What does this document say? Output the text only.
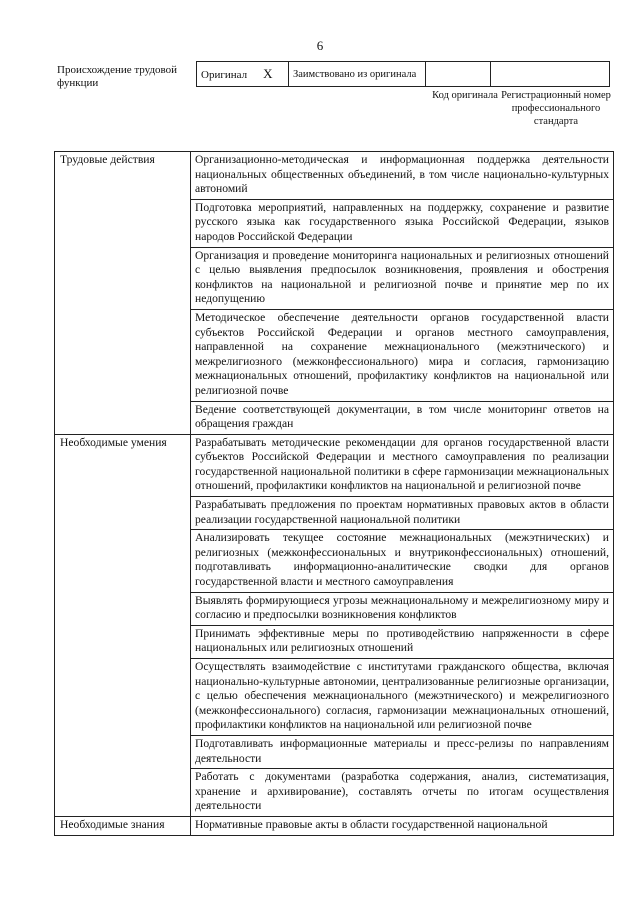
6
Происхождение трудовой функции
Оригинал X	Заимствовано из оригинала		
Код оригинала Регистрационный номер профессионального стандарта
Трудовые действия	Организационно-методическая и информационная поддержка деятельности национальных общественных объединений, в том числе национально-культурных автономий
	Подготовка мероприятий, направленных на поддержку, сохранение и развитие русского языка как государственного языка Российской Федерации, языков народов Российской Федерации
	Организация и проведение мониторинга национальных и религиозных отношений с целью выявления предпосылок возникновения, проявления и обострения конфликтов на национальной и религиозной почве и принятие мер по их недопущению
	Методическое обеспечение деятельности органов государственной власти субъектов Российской Федерации и органов местного самоуправления, направленной на сохранение межнационального (межэтнического) и межрелигиозного (межконфессионального) мира и согласия, гармонизацию межнациональных отношений, профилактику конфликтов на национальной или религиозной почве
	Ведение соответствующей документации, в том числе мониторинг ответов на обращения граждан
Необходимые умения	Разрабатывать методические рекомендации для органов государственной власти субъектов Российской Федерации и местного самоуправления по реализации государственной национальной политики в сфере гармонизации межнациональных отношений, профилактики конфликтов на национальной и религиозной почве
	Разрабатывать предложения по проектам нормативных правовых актов в области реализации государственной национальной политики
	Анализировать текущее состояние межнациональных (межэтнических) и религиозных (межконфессиональных и внутриконфессиональных) отношений, подготавливать информационно-аналитические сводки для органов государственной власти и местного самоуправления
	Выявлять формирующиеся угрозы межнациональному и межрелигиозному миру и согласию и предпосылки возникновения конфликтов
	Принимать эффективные меры по противодействию напряженности в сфере национальных или религиозных отношений
	Осуществлять взаимодействие с институтами гражданского общества, включая национально-культурные автономии, централизованные религиозные организации, с целью обеспечения межнационального (межэтнического) и межрелигиозного (межконфессионального) согласия, гармонизации межнациональных отношений, профилактики конфликтов на национальной или религиозной почве
	Подготавливать информационные материалы и пресс-релизы по направлениям деятельности
	Работать с документами (разработка содержания, анализ, систематизация, хранение и архивирование), составлять отчеты по итогам осуществления деятельности
Необходимые знания	Нормативные правовые акты в области государственной национальной
